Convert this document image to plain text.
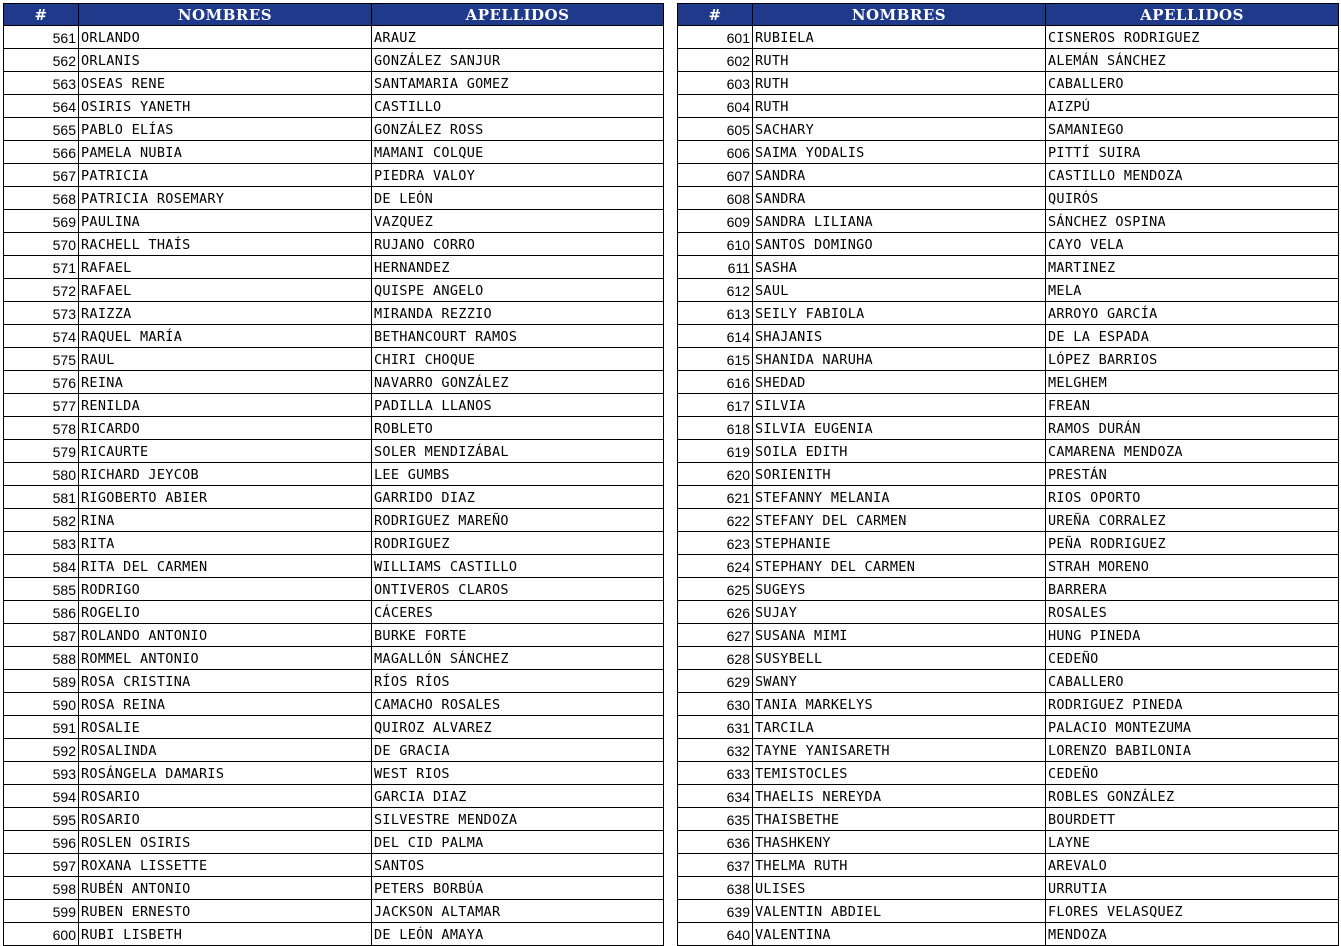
#	NOMBRES	APELLIDOS
561	ORLANDO	ARAUZ
562	ORLANIS	GONZÁLEZ SANJUR
563	OSEAS RENE	SANTAMARIA GOMEZ
564	OSIRIS YANETH	CASTILLO
565	PABLO ELÍAS	GONZÁLEZ ROSS
566	PAMELA NUBIA	MAMANI COLQUE
567	PATRICIA	PIEDRA VALOY
568	PATRICIA ROSEMARY	DE LEÓN
569	PAULINA	VAZQUEZ
570	RACHELL THAÍS	RUJANO CORRO
571	RAFAEL	HERNANDEZ
572	RAFAEL	QUISPE ANGELO
573	RAIZZA	MIRANDA REZZIO
574	RAQUEL MARÍA	BETHANCOURT RAMOS
575	RAUL	CHIRI CHOQUE
576	REINA	NAVARRO GONZÁLEZ
577	RENILDA	PADILLA LLANOS
578	RICARDO	ROBLETO
579	RICAURTE	SOLER MENDIZÁBAL
580	RICHARD JEYCOB	LEE GUMBS
581	RIGOBERTO ABIER	GARRIDO DIAZ
582	RINA	RODRIGUEZ MAREÑO
583	RITA	RODRIGUEZ
584	RITA DEL CARMEN	WILLIAMS CASTILLO
585	RODRIGO	ONTIVEROS CLAROS
586	ROGELIO	CÁCERES
587	ROLANDO ANTONIO	BURKE FORTE
588	ROMMEL ANTONIO	MAGALLÓN SÁNCHEZ
589	ROSA CRISTINA	RÍOS RÍOS
590	ROSA REINA	CAMACHO ROSALES
591	ROSALIE	QUIROZ ALVAREZ
592	ROSALINDA	DE GRACIA
593	ROSÁNGELA DAMARIS	WEST RIOS
594	ROSARIO	GARCIA DIAZ
595	ROSARIO	SILVESTRE MENDOZA
596	ROSLEN OSIRIS	DEL CID PALMA
597	ROXANA LISSETTE	SANTOS
598	RUBÉN ANTONIO	PETERS BORBÚA
599	RUBEN ERNESTO	JACKSON ALTAMAR
600	RUBI LISBETH	DE LEÓN AMAYA
#	NOMBRES	APELLIDOS
601	RUBIELA	CISNEROS RODRIGUEZ
602	RUTH	ALEMÁN SÁNCHEZ
603	RUTH	CABALLERO
604	RUTH	AIZPÚ
605	SACHARY	SAMANIEGO
606	SAIMA YODALIS	PITTÍ SUIRA
607	SANDRA	CASTILLO MENDOZA
608	SANDRA	QUIRÓS
609	SANDRA LILIANA	SÁNCHEZ OSPINA
610	SANTOS DOMINGO	CAYO VELA
611	SASHA	MARTINEZ
612	SAUL	MELA
613	SEILY FABIOLA	ARROYO GARCÍA
614	SHAJANIS	DE LA ESPADA
615	SHANIDA NARUHA	LÓPEZ BARRIOS
616	SHEDAD	MELGHEM
617	SILVIA	FREAN
618	SILVIA EUGENIA	RAMOS DURÁN
619	SOILA EDITH	CAMARENA MENDOZA
620	SORIENITH	PRESTÁN
621	STEFANNY MELANIA	RIOS OPORTO
622	STEFANY DEL CARMEN	UREÑA CORRALEZ
623	STEPHANIE	PEÑA RODRIGUEZ
624	STEPHANY DEL CARMEN	STRAH MORENO
625	SUGEYS	BARRERA
626	SUJAY	ROSALES
627	SUSANA MIMI	HUNG PINEDA
628	SUSYBELL	CEDEÑO
629	SWANY	CABALLERO
630	TANIA MARKELYS	RODRIGUEZ PINEDA
631	TARCILA	PALACIO MONTEZUMA
632	TAYNE YANISARETH	LORENZO BABILONIA
633	TEMISTOCLES	CEDEÑO
634	THAELIS NEREYDA	ROBLES GONZÁLEZ
635	THAISBETHE	BOURDETT
636	THASHKENY	LAYNE
637	THELMA RUTH	AREVALO
638	ULISES	URRUTIA
639	VALENTIN ABDIEL	FLORES VELASQUEZ
640	VALENTINA	MENDOZA
